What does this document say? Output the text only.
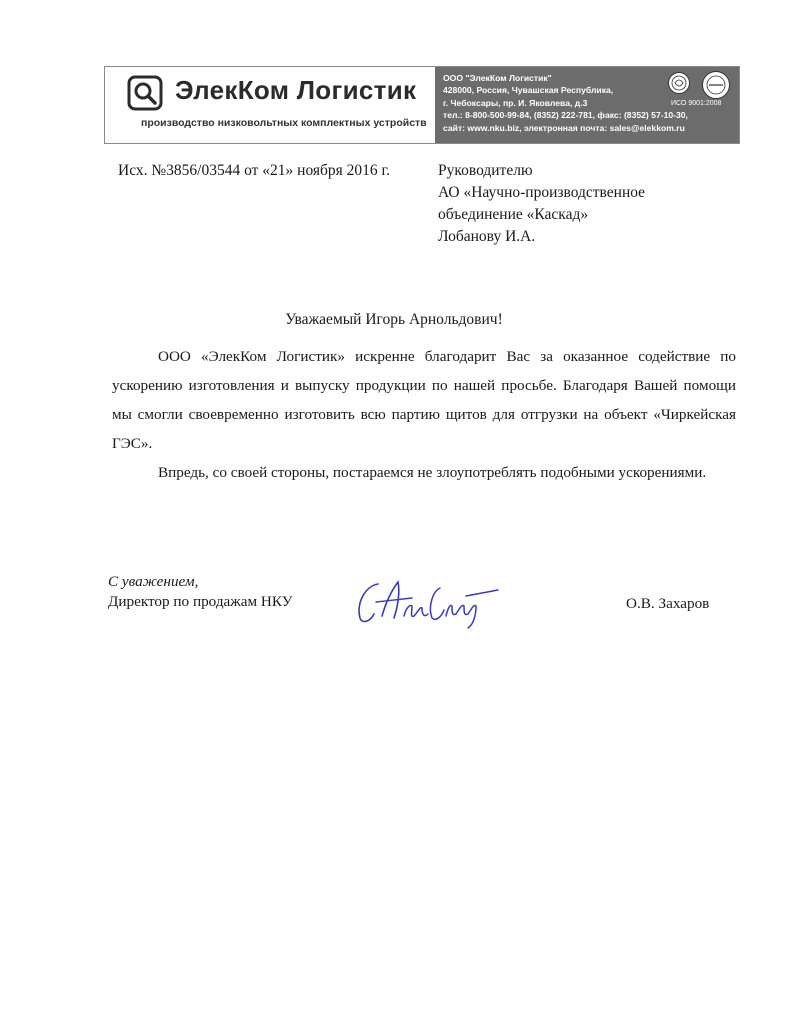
ЭлекКом Логистик
производство низковольтных комплектных устройств
ООО "ЭлекКом Логистик"
428000, Россия, Чувашская Республика,
г. Чебоксары, пр. И. Яковлева, д.3
тел.: 8-800-500-99-84, (8352) 222-781, факс: (8352) 57-10-30,
сайт: www.nku.biz, электронная почта: sales@elekkom.ru
ИСО 9001:2008
Исх. №3856/03544 от «21» ноября 2016 г.	Руководителю
АО «Научно-производственное
объединение «Каскад»
Лобанову И.А.
Уважаемый Игорь Арнольдович!

ООО «ЭлекКом Логистик» искренне благодарит Вас за оказанное содействие по ускорению изготовления и выпуску продукции по нашей просьбе. Благодаря Вашей помощи мы смогли своевременно изготовить всю партию щитов для отгрузки на объект «Чиркейская ГЭС».

Впредь, со своей стороны, постараемся не злоупотреблять подобными ускорениями.

С уважением,
Директор по продажам НКУ	О.В. Захаров
